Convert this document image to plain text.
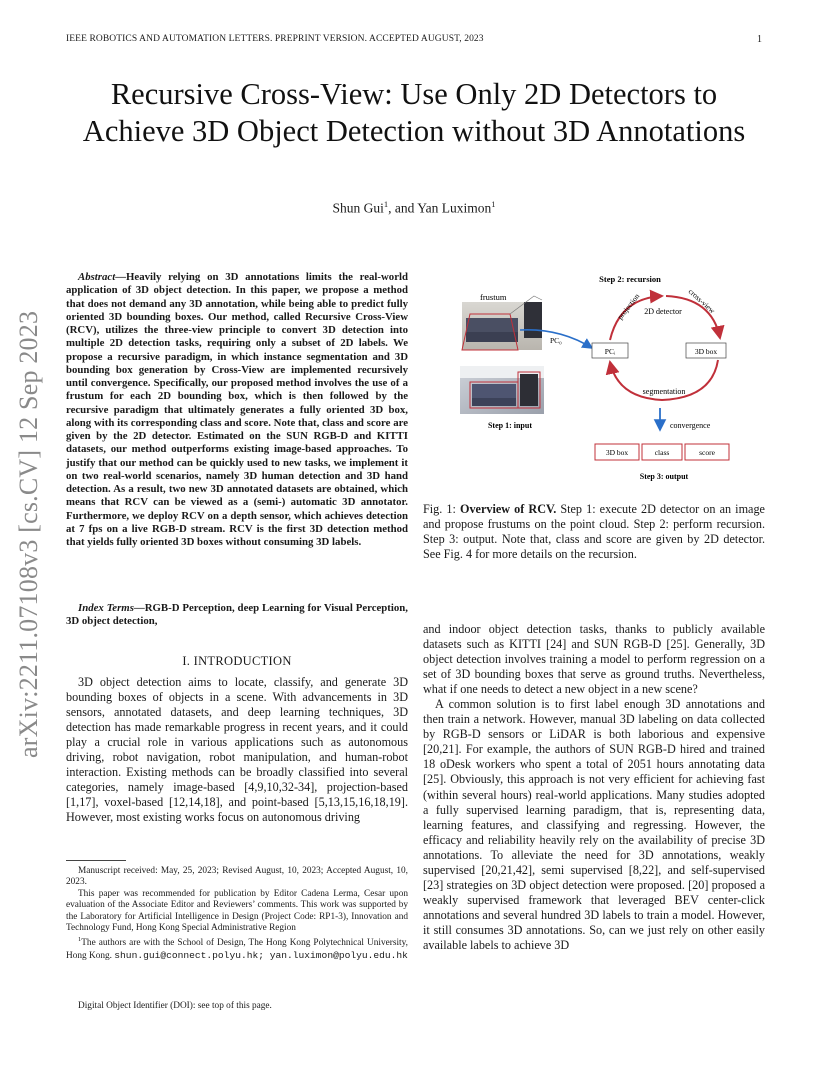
IEEE ROBOTICS AND AUTOMATION LETTERS. PREPRINT VERSION. ACCEPTED AUGUST, 2023	1
Recursive Cross-View: Use Only 2D Detectors to Achieve 3D Object Detection without 3D Annotations
Shun Gui$^1$, and Yan Luximon$^1$
arXiv:2211.07108v3 [cs.CV] 12 Sep 2023
Abstract—Heavily relying on 3D annotations limits the real-world application of 3D object detection. In this paper, we propose a method that does not demand any 3D annotation, while being able to predict fully oriented 3D bounding boxes. Our method, called Recursive Cross-View (RCV), utilizes the three-view principle to convert 3D detection into multiple 2D detection tasks, requiring only a subset of 2D labels. We propose a recursive paradigm, in which instance segmentation and 3D bounding box generation by Cross-View are implemented recursively until convergence. Specifically, our proposed method involves the use of a frustum for each 2D bounding box, which is then followed by the recursive paradigm that ultimately generates a fully oriented 3D box, along with its corresponding class and score. Note that, class and score are given by the 2D detector. Estimated on the SUN RGB-D and KITTI datasets, our method outperforms existing image-based approaches. To justify that our method can be quickly used to new tasks, we implement it on two real-world scenarios, namely 3D human detection and 3D hand detection. As a result, two new 3D annotated datasets are obtained, which means that RCV can be viewed as a (semi-) automatic 3D annotator. Furthermore, we deploy RCV on a depth sensor, which achieves detection at 7 fps on a live RGB-D stream. RCV is the first 3D detection method that yields fully oriented 3D boxes without consuming 3D labels.
Index Terms—RGB-D Perception, deep Learning for Visual Perception, 3D object detection,
I. INTRODUCTION
3D object detection aims to locate, classify, and generate 3D bounding boxes of objects in a scene. With advancements in 3D sensors, annotated datasets, and deep learning techniques, 3D detection has made remarkable progress in recent years, and it could play a crucial role in various applications such as autonomous driving, robot navigation, robot manipulation, and human-robot interaction. Existing methods can be broadly classified into several categories, namely image-based [4,9,10,32-34], projection-based [1,17], voxel-based [12,14,18], and point-based [5,13,15,16,18,19]. However, most existing works focus on autonomous driving

Manuscript received: May, 25, 2023; Revised August, 10, 2023; Accepted August, 10, 2023.

This paper was recommended for publication by Editor Cadena Lerma, Cesar upon evaluation of the Associate Editor and Reviewers’ comments. This work was supported by the Laboratory for Artificial Intelligence in Design (Project Code: RP1-3), Innovation and Technology Fund, Hong Kong Special Administrative Region

$^1$The authors are with the School of Design, The Hong Kong Polytechnical University, Hong Kong. shun.gui@connect.polyu.hk; yan.luximon@polyu.edu.hk

Digital Object Identifier (DOI): see top of this page.
Step 2: recursion
frustum
PC₀
Step 1: input
projection	cross-view
2D detector
PCᵢ	3D box
segmentation
convergence
3D box	class	score
Step 3: output
Fig. 1: Overview of RCV. Step 1: execute 2D detector on an image and propose frustums on the point cloud. Step 2: perform recursion. Step 3: output. Note that, class and score are given by 2D detector. See Fig. 4 for more details on the recursion.

and indoor object detection tasks, thanks to publicly available datasets such as KITTI [24] and SUN RGB-D [25]. Generally, 3D object detection involves training a model to perform regression on a set of 3D bounding boxes that serve as ground truths. Nevertheless, what if one needs to detect a new object in a new scene?

A common solution is to first label enough 3D annotations and then train a network. However, manual 3D labeling on data collected by RGB-D sensors or LiDAR is both laborious and expensive [20,21]. For example, the authors of SUN RGB-D hired and trained 18 oDesk workers who spent a total of 2051 hours annotating data [25]. Obviously, this approach is not very efficient for achieving fast (within several hours) real-world applications. Many studies adopted a fully supervised learning paradigm, that is, representing data, learning features, and classifying and regressing. However, the efficacy and reliability heavily rely on the availability of precise 3D annotations. To alleviate the need for 3D annotations, weakly supervised [20,21,42], semi supervised [8,22], and self-supervised [23] strategies on 3D object detection were proposed. [20] proposed a weakly supervised framework that leveraged BEV center-click annotations and several hundred 3D labels to train a model. However, it still consumes 3D annotations. So, can we just rely on other easily available labels to achieve 3D
